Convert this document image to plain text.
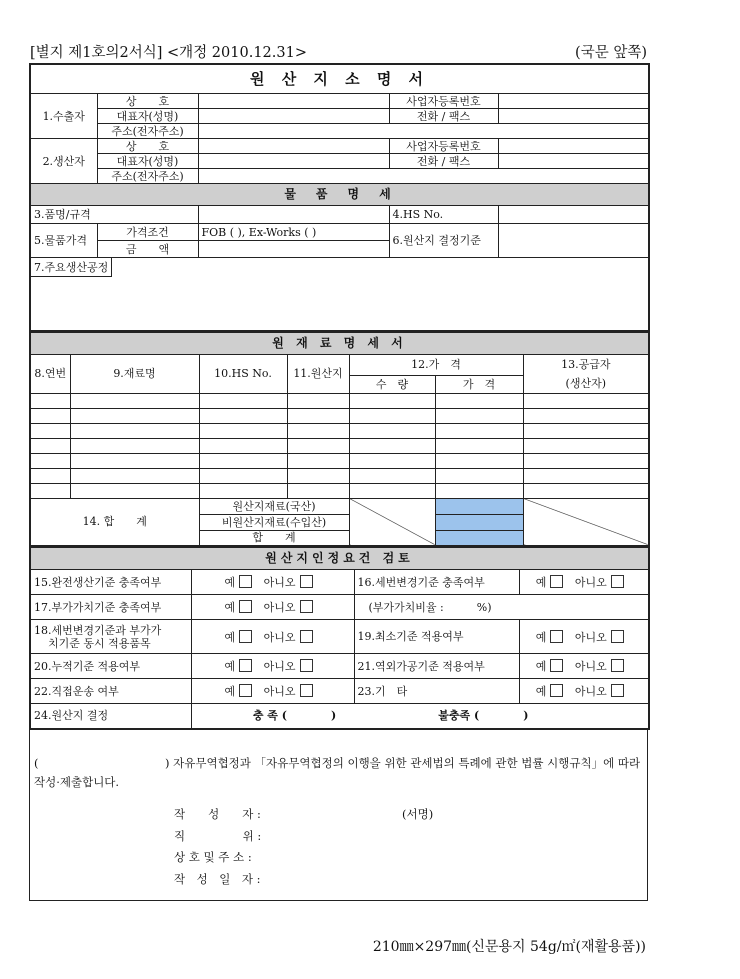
[별지 제1호의2서식] <개정 2010.12.31>	(국문 앞쪽)
원 산 지 소 명 서				
1.수출자	상　　호		사업자등록번호	
	대표자(성명)		전화 / 팩스	
	주소(전자주소)			
2.생산자	상　　호		사업자등록번호	
	대표자(성명)		전화 / 팩스	
	주소(전자주소)			
물　품　명　세				
3.품명/규격			4.HS No.	
5.물품가격	가격조건	FOB ( ), Ex-Works ( )	6.원산지 결정기준	
	금　　액			
7.주요생산공정				
원 재 료 명 세 서						
8.연번	9.재료명	10.HS No.	11.원산지	12.가　격		13.공급자
				수　량	가　격	(생산자)

14. 합　　계		원산지재료(국산)				
		비원산지재료(수입산)				
		합　　계				
원산지인정요건 검토			
15.완전생산기준 충족여부	예 아니오	16.세번변경기준 충족여부	예 아니오
17.부가가치기준 충족여부	예 아니오	(부가가치비율 :　　　%)	

18.세번변경기준과 부가가
치기준 동시 적용품목	예 아니오	19.최소기준 적용여부	예 아니오
20.누적기준 적용여부	예 아니오	21.역외가공기준 적용여부	예 아니오
22.직접운송 여부	예 아니오	23.기　타	예 아니오
24.원산지 결정	충 족 (　　　　) 불충족 (　　　　)		

(　　　　　　　　　　　) 자유무역협정과 「자유무역협정의 이행을 위한 관세법의 특례에 관한 법률 시행규칙」에 따라 작성·제출합니다.

작　　성　　자 :	(서명)
직　　　　　위 :
상 호 및 주 소 :
작　성　일　자 :
210㎜×297㎜(신문용지 54g/㎡(재활용품))
